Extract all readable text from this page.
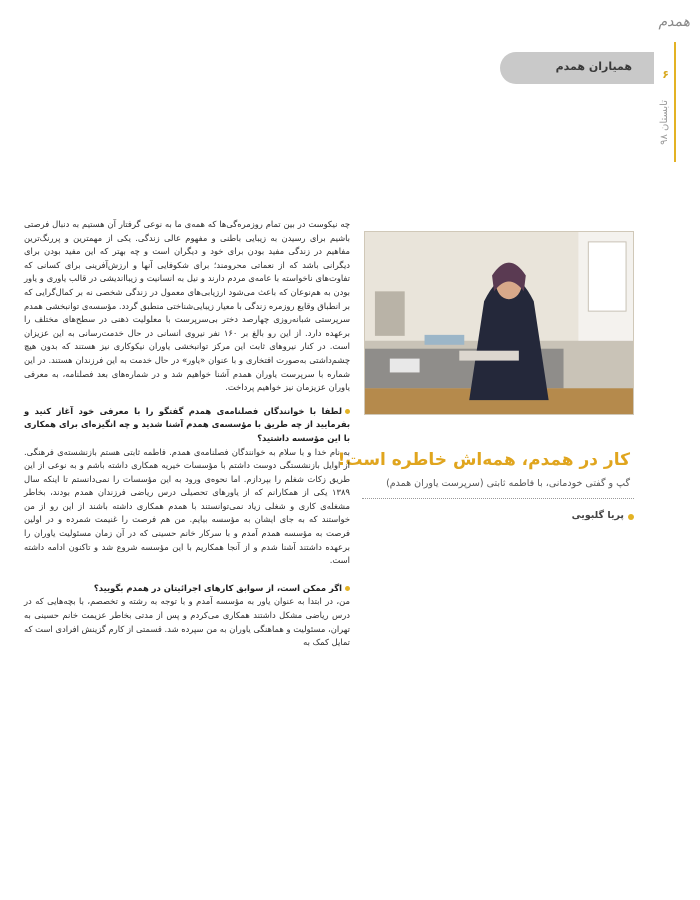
همیاران همدم
همدم
۶
تابستان ۹۸
کار در همدم، همه‌اش خاطره است!
گپ و گفتی خودمانی، با فاطمه ثابتی (سرپرست یاوران همدم)
پریا گلبویی

چه نیکوست در بین تمام روزمره‌گی‌ها که همه‌ی ما به نوعی گرفتار آن هستیم به دنبال فرصتی باشیم برای رسیدن به زیبایی باطنی و مفهوم عالی زندگی. یکی از مهمترین و پررنگ‌ترین مفاهیم در زندگی مفید بودن برای خود و دیگران است و چه بهتر که این مفید بودن برای دیگرانی باشد که از نعماتی محرومند؛ برای شکوفایی آنها و ارزش‌آفرینی برای کسانی که تفاوت‌های ناخواسته با عامه‌ی مردم دارند و نیل به انسانیت و زیبااندیشی در قالب یاوری و یاور بودن به هم‌نوعان که باعث می‌شود ارزیابی‌های معمول در زندگی شخصی نه بر کمال‌گرایی که بر انطباق وقایع روزمره زندگی با معیار زیبایی‌شناختی منطبق گردد. مؤسسه‌ی توانبخشی همدم سرپرستی شبانه‌روزی چهارصد دختر بی‌سرپرست با معلولیت ذهنی در سطح‌های مختلف را برعهده دارد. از این رو بالغ بر ۱۶۰ نفر نیروی انسانی در حال خدمت‌رسانی به این عزیزان است. در کنار نیروهای ثابت این مرکز توانبخشی یاوران نیکوکاری نیز هستند که بدون هیچ چشم‌داشتی به‌صورت افتخاری و با عنوان «یاور» در حال خدمت به این فرزندان هستند. در این شماره با سرپرست یاوران همدم آشنا خواهیم شد و در شماره‌های بعد فصلنامه، به معرفی یاوران عزیزمان نیز خواهیم پرداخت.

لطفا با خوانندگان فصلنامه‌ی همدم گفتگو را با معرفی خود آغاز کنید و بفرمایید از چه طریق با مؤسسه‌ی همدم آشنا شدید و چه انگیزه‌ای برای همکاری با این مؤسسه داشتید؟

به نام خدا و با سلام به خوانندگان فصلنامه‌ی همدم. فاطمه ثابتی هستم بازنشسته‌ی فرهنگی. از اوایل بازنشستگی دوست داشتم با مؤسسات خیریه همکاری داشته باشم و به نوعی از این طریق زکات شغلم را بپردازم. اما نحوه‌ی ورود به این مؤسسات را نمی‌دانستم تا اینکه سال ۱۳۸۹ یکی از همکارانم که از یاورهای تحصیلی درس ریاضی فرزندان همدم بودند، بخاطر مشغله‌ی کاری و شغلی زیاد نمی‌توانستند با همدم همکاری داشته باشند از این رو از من خواستند که به جای ایشان به مؤسسه بیایم. من هم فرصت را غنیمت شمرده و در اولین فرصت به مؤسسه همدم آمدم و با سرکار خانم حسینی که در آن زمان مسئولیت یاوران را برعهده داشتند آشنا شدم و از آنجا همکاریم با این مؤسسه شروع شد و تاکنون ادامه داشته است.

اگر ممکن است، از سوابق کارهای اجرائیتان در همدم بگویید؟

من، در ابتدا به عنوان یاور به مؤسسه آمدم و با توجه به رشته و تخصصم، با بچه‌هایی که در درس ریاضی مشکل داشتند همکاری می‌کردم و پس از مدتی بخاطر عزیمت خانم حسینی به تهران، مسئولیت و هماهنگی یاوران به من سپرده شد. قسمتی از کارم گزینش افرادی است که تمایل کمک به
